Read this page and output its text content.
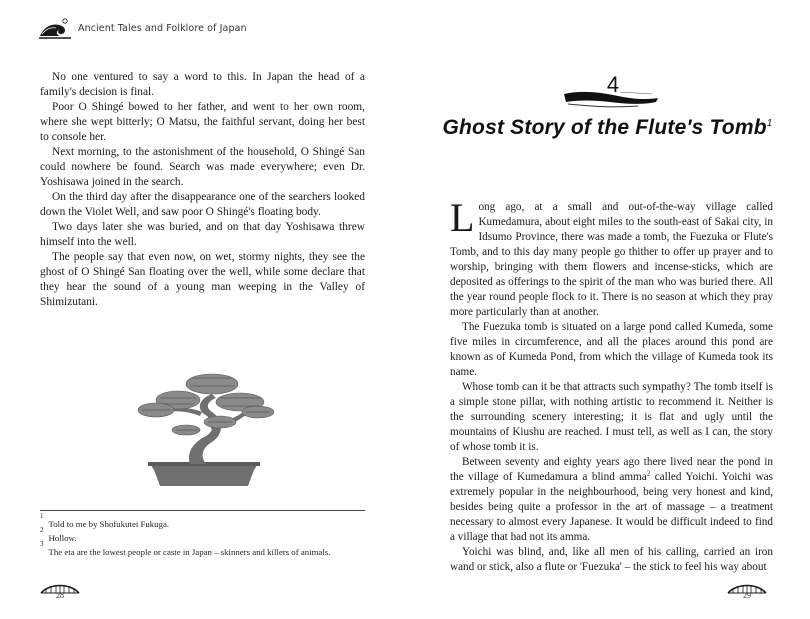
Ancient Tales and Folklore of Japan

No one ventured to say a word to this. In Japan the head of a family's decision is final.

Poor O Shingé bowed to her father, and went to her own room, where she wept bitterly; O Matsu, the faithful servant, doing her best to console her.

Next morning, to the astonishment of the household, O Shingé San could nowhere be found. Search was made everywhere; even Dr. Yoshisawa joined in the search.

On the third day after the disappearance one of the searchers looked down the Violet Well, and saw poor O Shingé's floating body.

Two days later she was buried, and on that day Yoshisawa threw himself into the well.

The people say that even now, on wet, stormy nights, they see the ghost of O Shingé San floating over the well, while some declare that they hear the sound of a young man weeping in the Valley of Shimizutani.

$^1$
Told to me by Shofukutei Fukuga.
$^2$
Hollow.
$^3$
The eta are the lowest people or caste in Japan – skinners and killers of animals.
28
4
Ghost Story of the Flute's Tomb$^1$

Long ago, at a small and out-of-the-way village called Kumedamura, about eight miles to the south-east of Sakai city, in Idsumo Province, there was made a tomb, the Fuezuka or Flute's Tomb, and to this day many people go thither to offer up prayer and to worship, bringing with them flowers and incense-sticks, which are deposited as offerings to the spirit of the man who was buried there. All the year round people flock to it. There is no season at which they pray more particularly than at another.

The Fuezuka tomb is situated on a large pond called Kumeda, some five miles in circumference, and all the places around this pond are known as of Kumeda Pond, from which the village of Kumeda took its name.

Whose tomb can it be that attracts such sympathy? The tomb itself is a simple stone pillar, with nothing artistic to recommend it. Neither is the surrounding scenery interesting; it is flat and ugly until the mountains of Kiushu are reached. I must tell, as well as I can, the story of whose tomb it is.

Between seventy and eighty years ago there lived near the pond in the village of Kumedamura a blind amma$^2$ called Yoichi. Yoichi was extremely popular in the neighbourhood, being very honest and kind, besides being quite a professor in the art of massage – a treatment necessary to almost every Japanese. It would be difficult indeed to find a village that had not its amma.

Yoichi was blind, and, like all men of his calling, carried an iron wand or stick, also a flute or 'Fuezuka' – the stick to feel his way about

29
